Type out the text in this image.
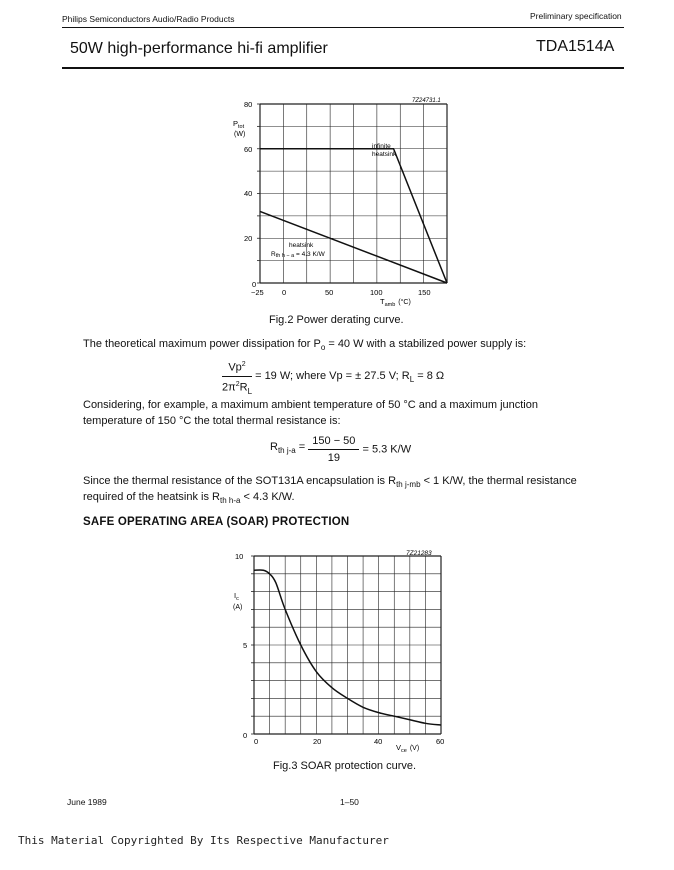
Philips Semiconductors Audio/Radio Products	Preliminary specification
50W high-performance hi-fi amplifier	TDA1514A
7Z24731.1
80
60
40
20
0
−25 0	50	100	150
$P_{tot}$
(W)
$T_{amb}$ (°C)
infinite
heatsink
heatsink
Rth h − a = 4.3 K/W
Fig.2 Power derating curve.
The theoretical maximum power dissipation for $P_o = 40$ W with a stabilized power supply is:
$\frac{Vp^2}{2\pi^2R_L} = 19$ W; where Vp = ± 27.5 V; $R_L = 8$ Ω
Considering, for example, a maximum ambient temperature of 50 °C and a maximum junction
temperature of 150 °C the total thermal resistance is:
$R_{th j-a} = \frac{150 - 50}{19} = 5.3$ K/W
Since the thermal resistance of the SOT131A encapsulation is $R_{th j-mb} < 1$ K/W, the thermal resistance
required of the heatsink is $R_{th h-a} < 4.3$ K/W.
SAFE OPERATING AREA (SOAR) PROTECTION
7Z21283
10
5
0
0	20	40	60
$I_c$
(A)
$V_{ce}$ (V)
Fig.3 SOAR protection curve.
June 1989	1–50
This Material Copyrighted By Its Respective Manufacturer
